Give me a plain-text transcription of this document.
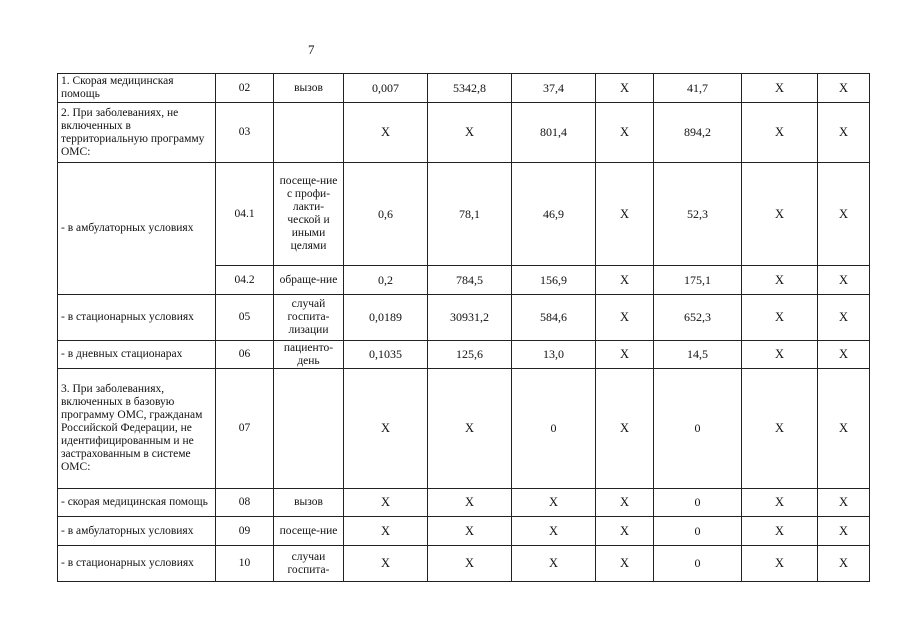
7
1. Скорая медицинская помощь	02	вызов	0,007	5342,8	37,4	Х	41,7	Х	Х
2. При заболеваниях, не включенных в территориальную программу ОМС:	03		Х	Х	801,4	Х	894,2	Х	Х
- в амбулаторных условиях	04.1	посеще-ние с профи-лакти-ческой и иными целями	0,6	78,1	46,9	Х	52,3	Х	Х
	04.2	обраще-ние	0,2	784,5	156,9	Х	175,1	Х	Х
- в стационарных условиях	05	случай госпита-лизации	0,0189	30931,2	584,6	Х	652,3	Х	Х
- в дневных стационарах	06	пациенто-день	0,1035	125,6	13,0	Х	14,5	Х	Х
3. При заболеваниях, включенных в базовую программу ОМС, гражданам Российской Федерации, не идентифицированным и не застрахованным в системе ОМС:	07		Х	Х	0	Х	0	Х	Х
- скорая медицинская помощь	08	вызов	Х	Х	Х	Х	0	Х	Х
- в амбулаторных условиях	09	посеще-ние	Х	Х	Х	Х	0	Х	Х
- в стационарных условиях	10	случаи госпита-	Х	Х	Х	Х	0	Х	Х
